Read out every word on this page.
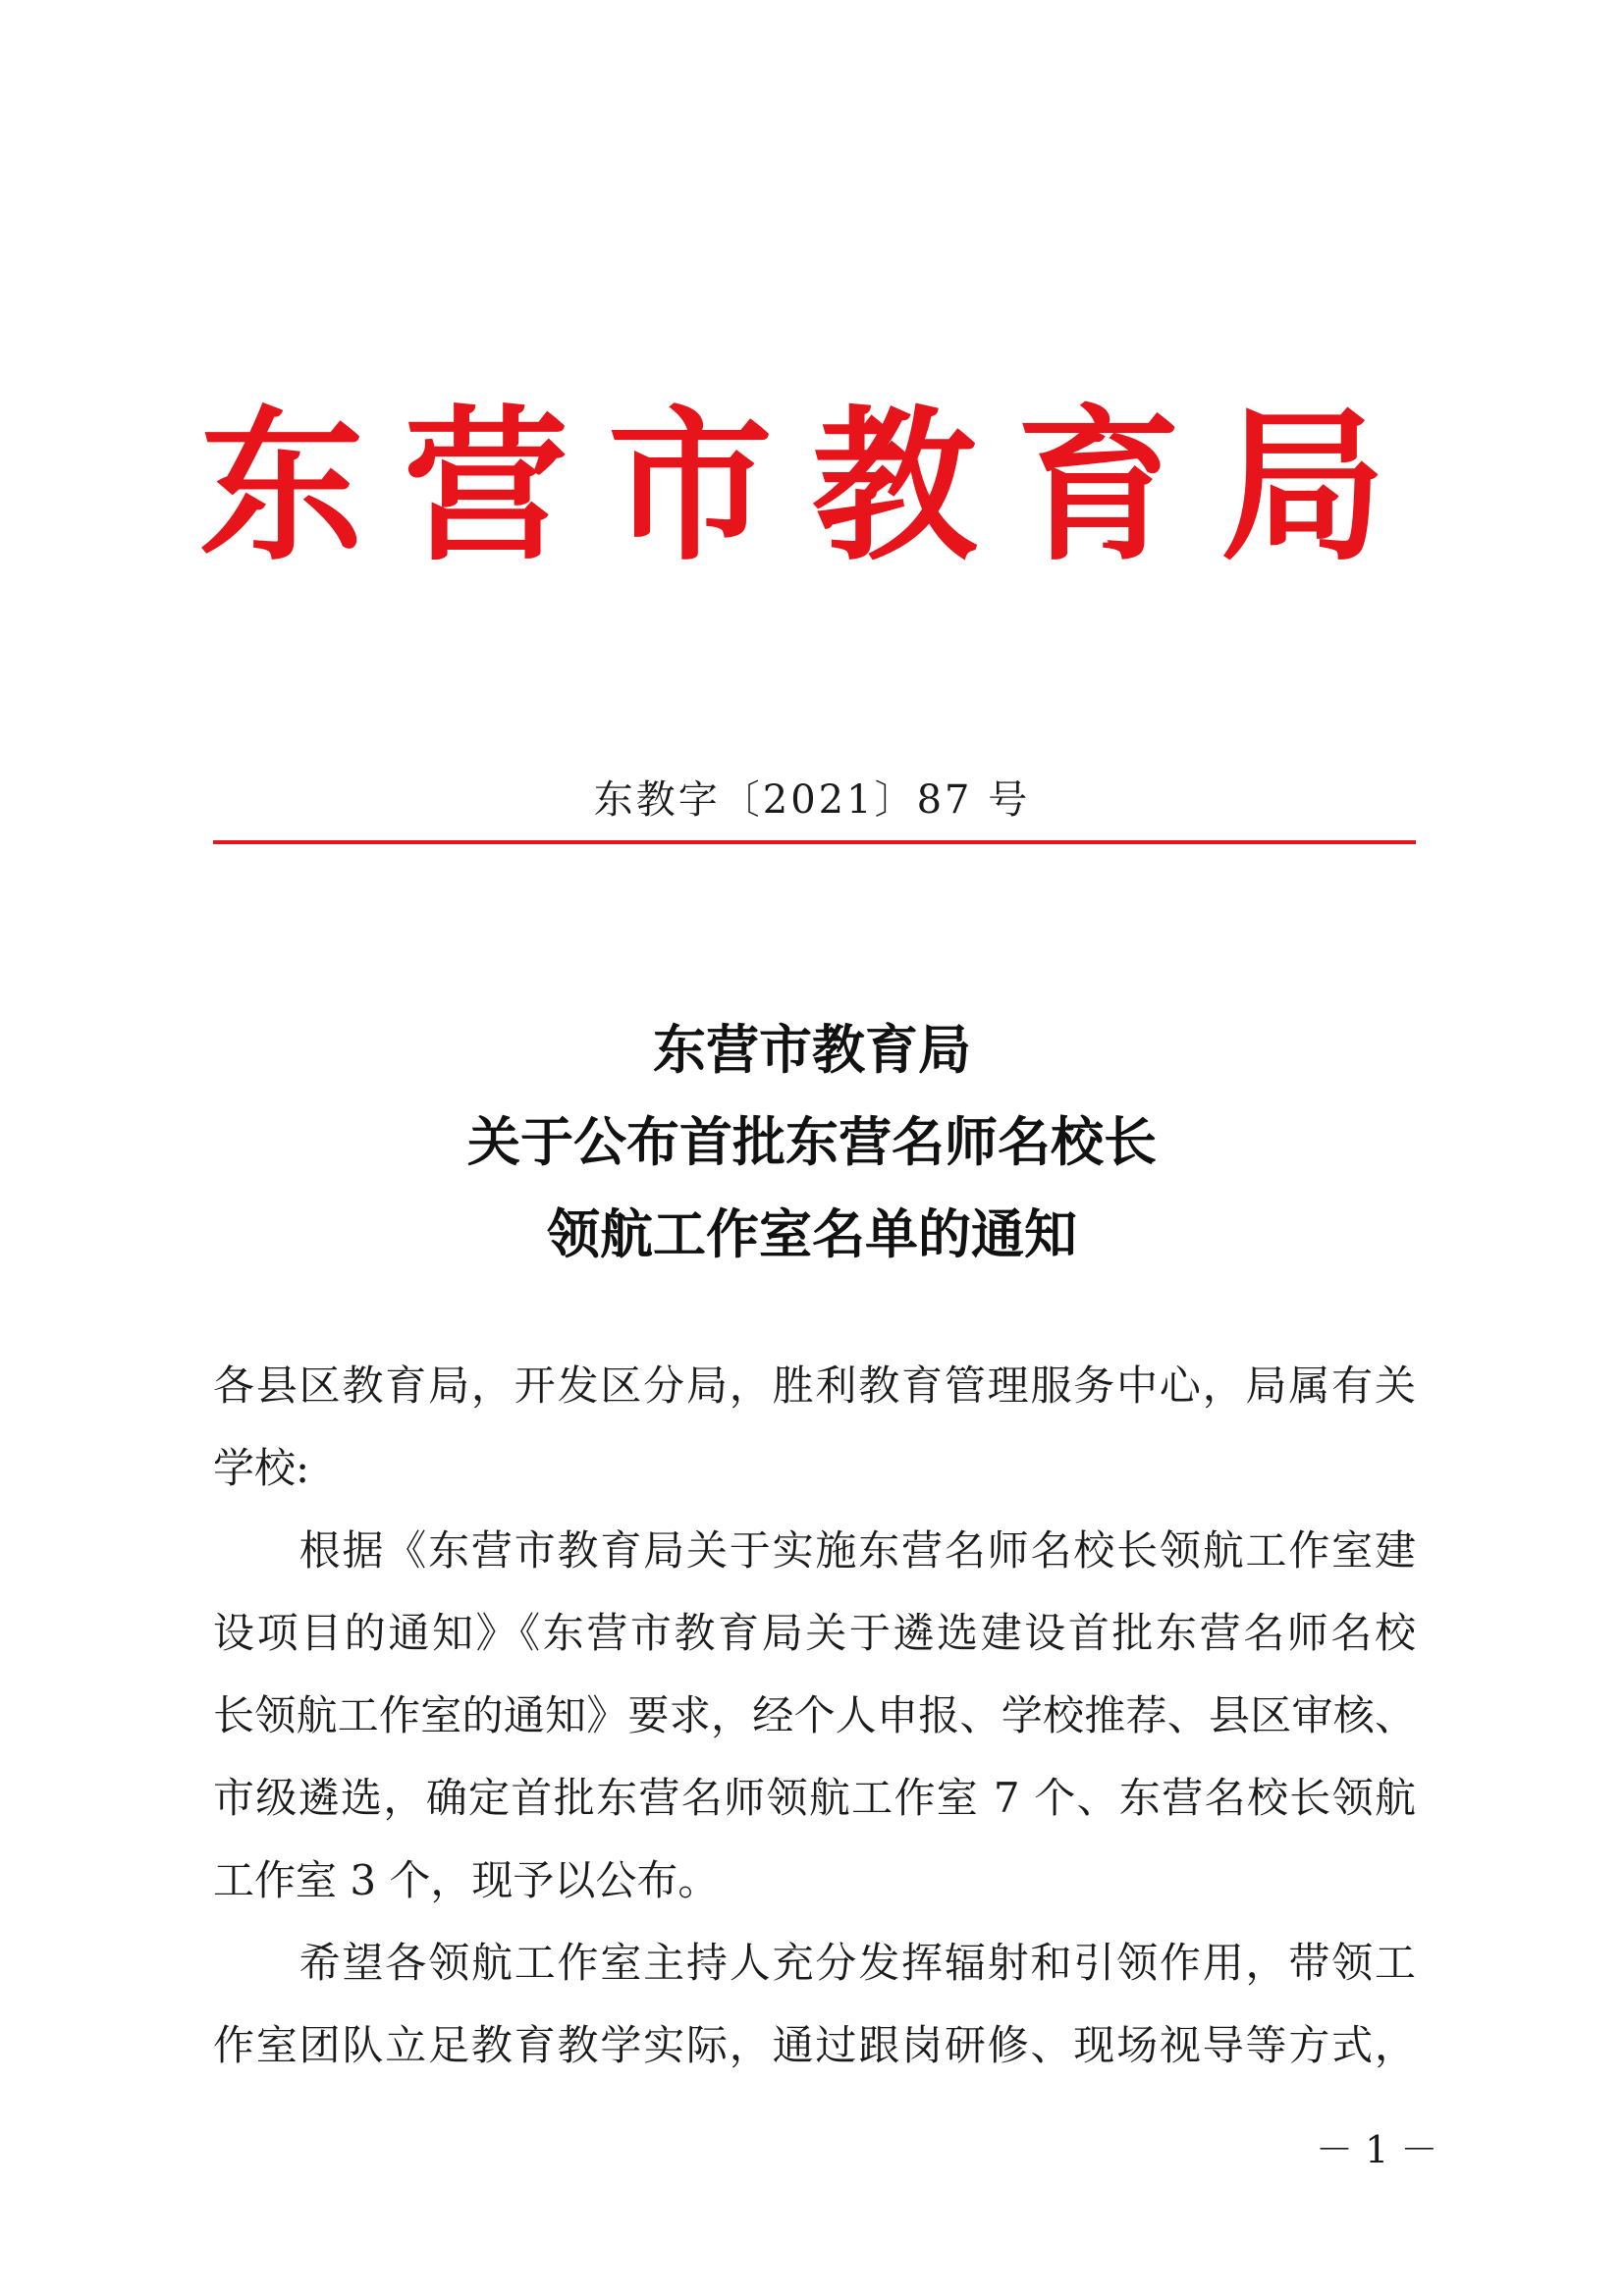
东营市教育局
东教字〔2021〕87 号
东营市教育局
关于公布首批东营名师名校长
领航工作室名单的通知
各县区教育局，开发区分局，胜利教育管理服务中心，局属有关
学校:
　　根据《东营市教育局关于实施东营名师名校长领航工作室建
设项目的通知》《东营市教育局关于遴选建设首批东营名师名校
长领航工作室的通知》要求，经个人申报、学校推荐、县区审核、
市级遴选，确定首批东营名师领航工作室 7 个、东营名校长领航
工作室 3 个，现予以公布。
　　希望各领航工作室主持人充分发挥辐射和引领作用，带领工
作室团队立足教育教学实际，通过跟岗研修、现场视导等方式，
－ 1 －
